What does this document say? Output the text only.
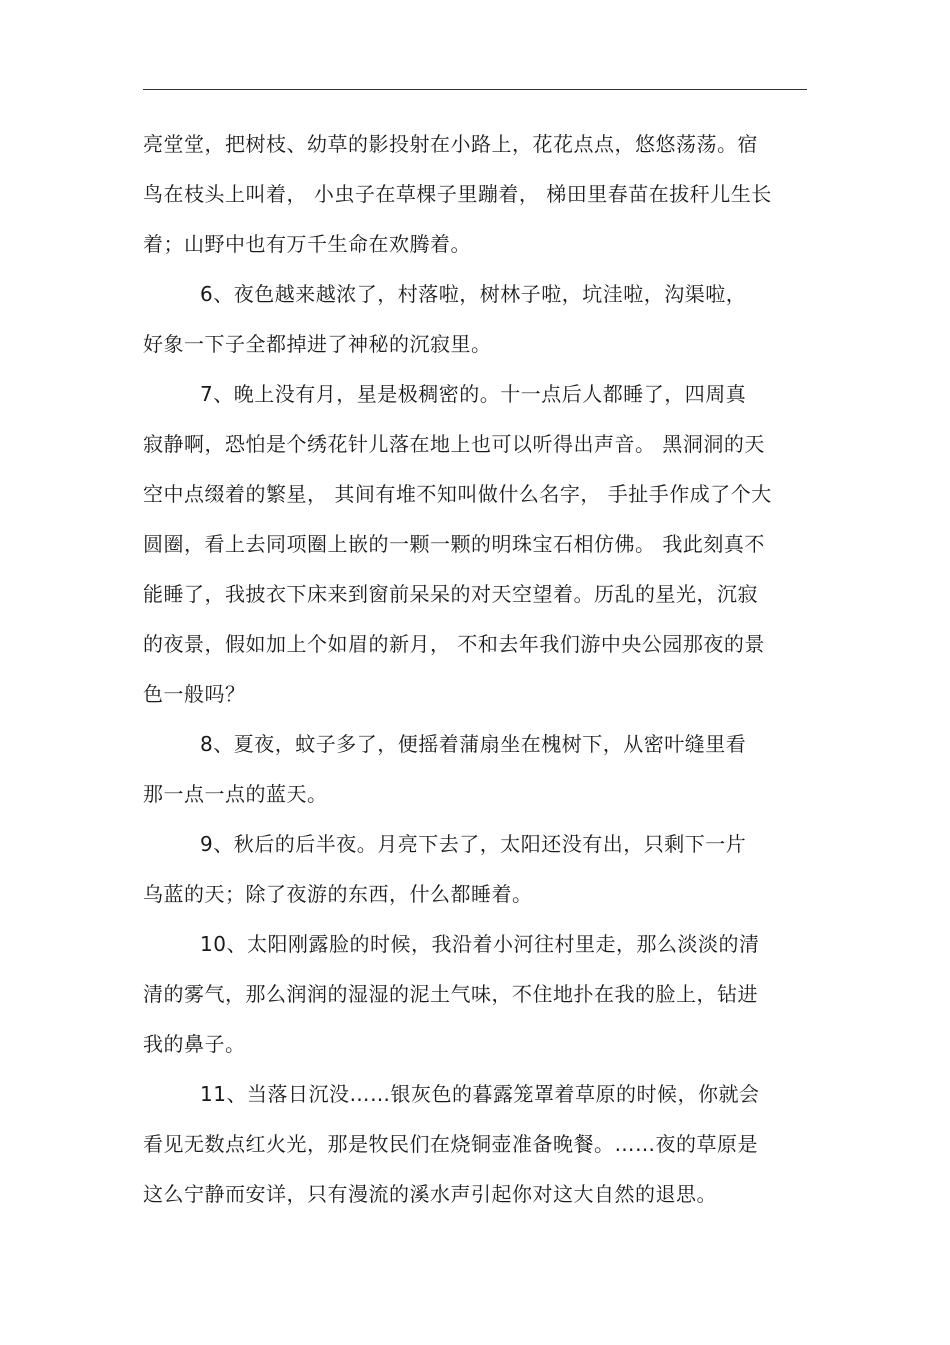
亮堂堂，把树枝、幼草的影投射在小路上，花花点点，悠悠荡荡。宿
鸟在枝头上叫着， 小虫子在草棵子里蹦着， 梯田里春苗在拔秆儿生长
着；山野中也有万千生命在欢腾着。
6、夜色越来越浓了，村落啦，树林子啦，坑洼啦，沟渠啦，
好象一下子全都掉进了神秘的沉寂里。
7、晚上没有月，星是极稠密的。十一点后人都睡了，四周真
寂静啊，恐怕是个绣花针儿落在地上也可以听得出声音。 黑洞洞的天
空中点缀着的繁星， 其间有堆不知叫做什么名字， 手扯手作成了个大
圆圈，看上去同项圈上嵌的一颗一颗的明珠宝石相仿佛。 我此刻真不
能睡了，我披衣下床来到窗前呆呆的对天空望着。历乱的星光，沉寂
的夜景，假如加上个如眉的新月， 不和去年我们游中央公园那夜的景
色一般吗？
8、夏夜，蚊子多了，便摇着蒲扇坐在槐树下，从密叶缝里看
那一点一点的蓝天。
9、秋后的后半夜。月亮下去了，太阳还没有出，只剩下一片
乌蓝的天；除了夜游的东西，什么都睡着。
10、太阳刚露脸的时候，我沿着小河往村里走，那么淡淡的清
清的雾气，那么润润的湿湿的泥土气味，不住地扑在我的脸上，钻进
我的鼻子。
11、当落日沉没……银灰色的暮露笼罩着草原的时候，你就会
看见无数点红火光，那是牧民们在烧铜壶准备晚餐。……夜的草原是
这么宁静而安详，只有漫流的溪水声引起你对这大自然的退思。
